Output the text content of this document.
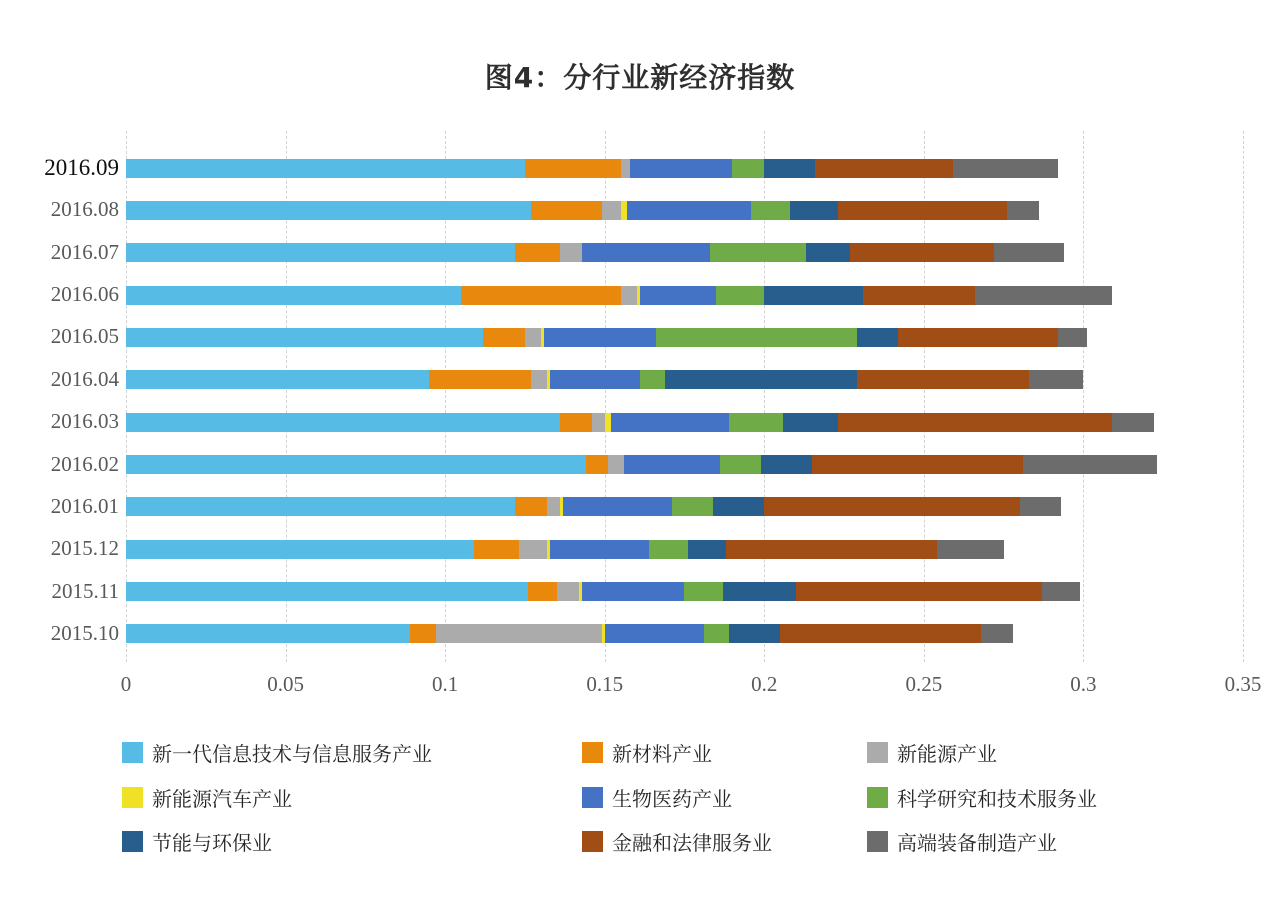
图4：分行业新经济指数
2016.09
2016.08
2016.07
2016.06
2016.05
2016.04
2016.03
2016.02
2016.01
2015.12
2015.11
2015.10
0	0.05	0.1	0.15	0.2	0.25	0.3	0.35
新一代信息技术与信息服务产业	新材料产业	新能源产业
新能源汽车产业	生物医药产业	科学研究和技术服务业
节能与环保业	金融和法律服务业	高端装备制造产业
